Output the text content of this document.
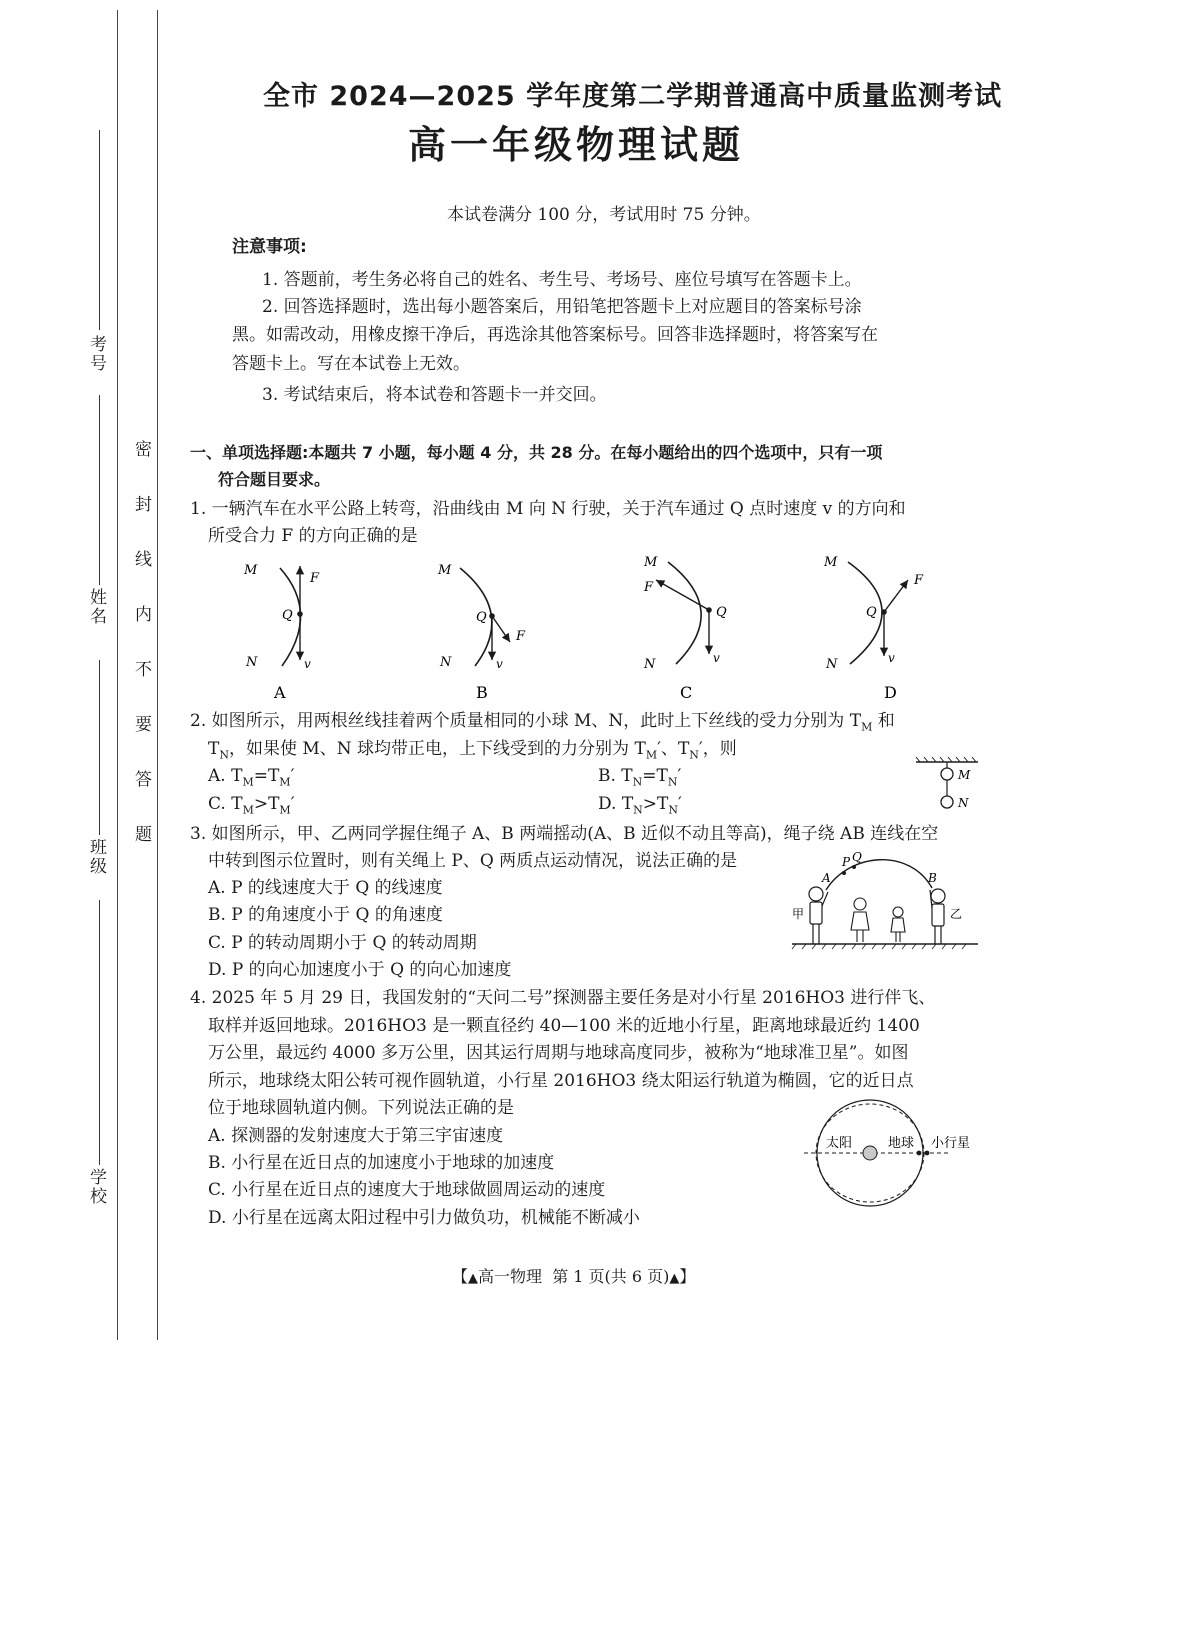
考号
姓名
班级
学校
密封线内不要答题
全市 2024—2025 学年度第二学期普通高中质量监测考试
高一年级物理试题
本试卷满分 100 分，考试用时 75 分钟。
注意事项:
1. 答题前，考生务必将自己的姓名、考生号、考场号、座位号填写在答题卡上。
2. 回答选择题时，选出每小题答案后，用铅笔把答题卡上对应题目的答案标号涂
黑。如需改动，用橡皮擦干净后，再选涂其他答案标号。回答非选择题时，将答案写在
答题卡上。写在本试卷上无效。
3. 考试结束后，将本试卷和答题卡一并交回。
一、单项选择题:本题共 7 小题，每小题 4 分，共 28 分。在每小题给出的四个选项中，只有一项
符合题目要求。
1. 一辆汽车在水平公路上转弯，沿曲线由 M 向 N 行驶，关于汽车通过 Q 点时速度 v 的方向和
所受合力 F 的方向正确的是
M
N
Q
F
v
A
M
N
Q
F
v
B
M
F
N
Q
v
C
M
F
N
Q
v
D
2. 如图所示，用两根丝线挂着两个质量相同的小球 M、N，此时上下丝线的受力分别为 $T_M$ 和
$T_N$，如果使 M、N 球均带正电，上下线受到的力分别为 $T_M'$、$T_N'$，则
A. $T_M=T_M'$	B. $T_N=T_N'$
C. $T_M>T_M'$	D. $T_N>T_N'$
M
N
3. 如图所示，甲、乙两同学握住绳子 A、B 两端摇动(A、B 近似不动且等高)，绳子绕 AB 连线在空
中转到图示位置时，则有关绳上 P、Q 两质点运动情况，说法正确的是
A. P 的线速度大于 Q 的线速度
B. P 的角速度小于 Q 的角速度
C. P 的转动周期小于 Q 的转动周期
D. P 的向心加速度小于 Q 的向心加速度
A
P Q
B
甲	乙
4. 2025 年 5 月 29 日，我国发射的“天问二号”探测器主要任务是对小行星 2016HO3 进行伴飞、
取样并返回地球。2016HO3 是一颗直径约 40—100 米的近地小行星，距离地球最近约 1400
万公里，最远约 4000 多万公里，因其运行周期与地球高度同步，被称为“地球准卫星”。如图
所示，地球绕太阳公转可视作圆轨道，小行星 2016HO3 绕太阳运行轨道为椭圆，它的近日点
位于地球圆轨道内侧。下列说法正确的是
A. 探测器的发射速度大于第三宇宙速度
B. 小行星在近日点的加速度小于地球的加速度
C. 小行星在近日点的速度大于地球做圆周运动的速度
D. 小行星在远离太阳过程中引力做负功，机械能不断减小
太阳	地球 小行星
【▲高一物理 第 1 页(共 6 页)▲】
